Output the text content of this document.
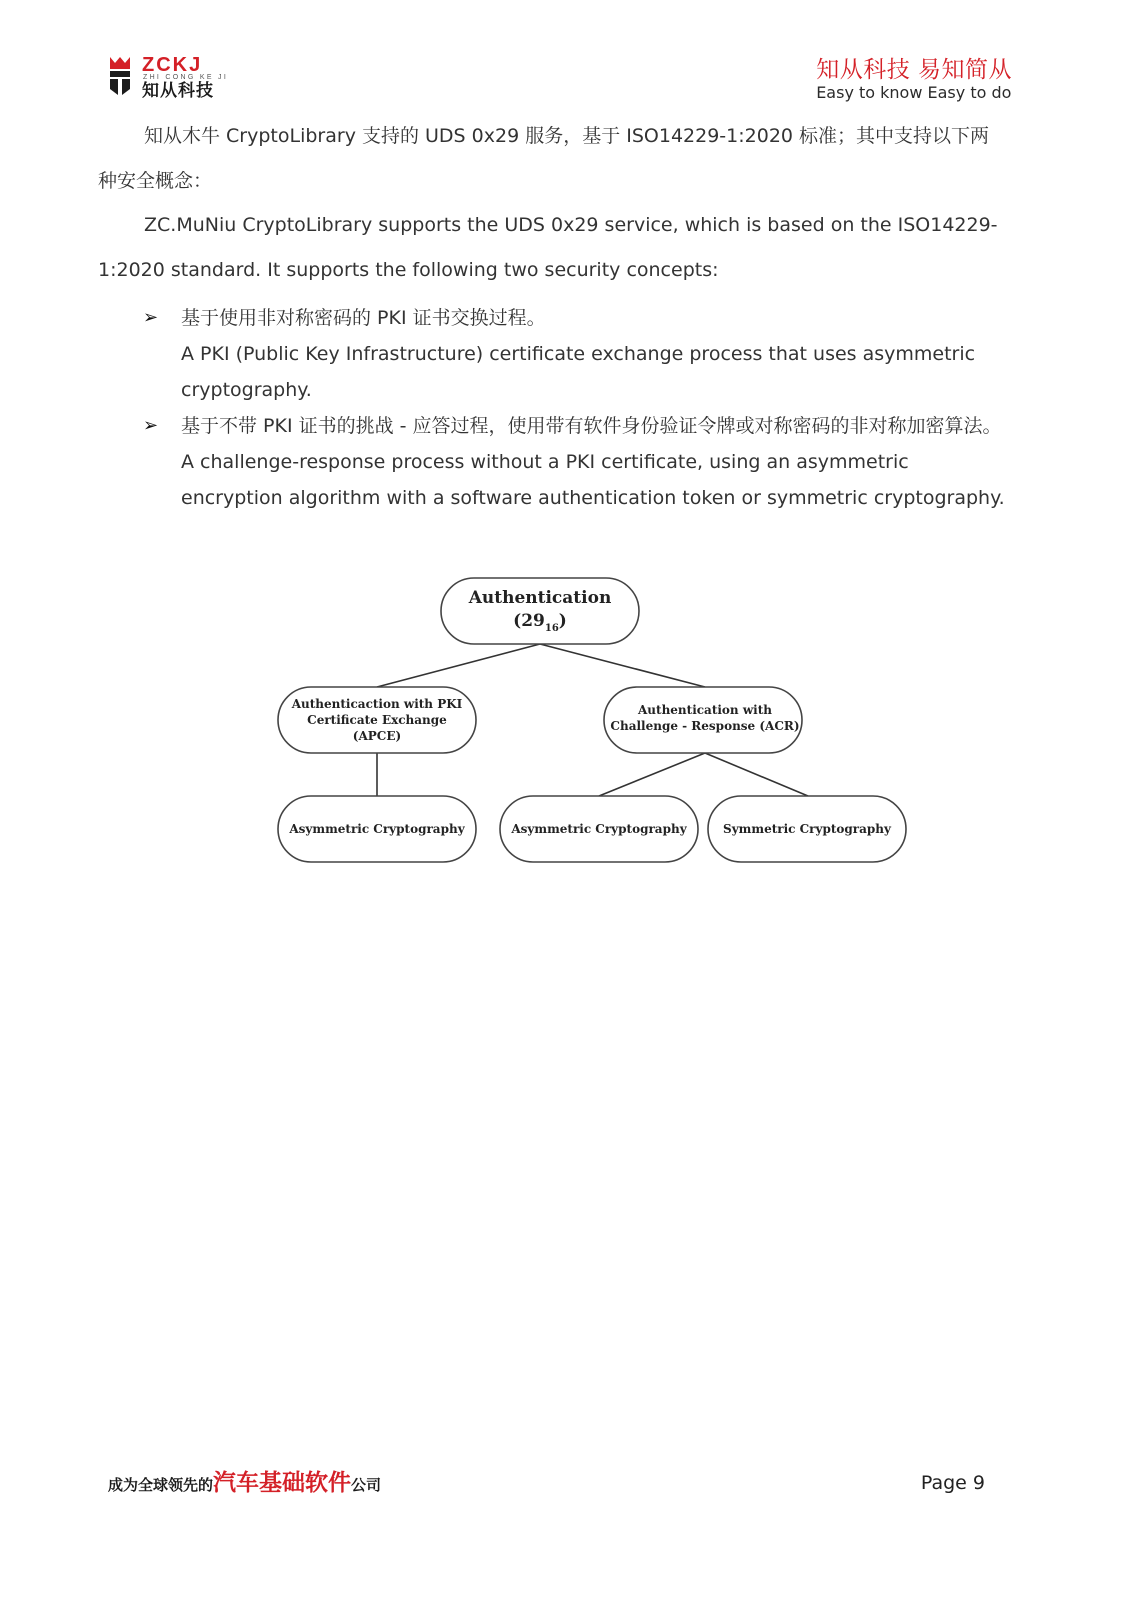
ZCKJ
ZHI CONG KE JI
知从科技
知从科技 易知简从
Easy to know Easy to do

知从木牛 CryptoLibrary 支持的 UDS 0x29 服务，基于 ISO14229-1:2020 标准；其中支持以下两种安全概念：

ZC.MuNiu CryptoLibrary supports the UDS 0x29 service, which is based on the ISO14229-1:2020 standard. It supports the following two security concepts:

➢ 基于使用非对称密码的 PKI 证书交换过程。

A PKI (Public Key Infrastructure) certificate exchange process that uses asymmetric cryptography.

➢ 基于不带 PKI 证书的挑战 - 应答过程，使用带有软件身份验证令牌或对称密码的非对称加密算法。

A challenge-response process without a PKI certificate, using an asymmetric encryption algorithm with a software authentication token or symmetric cryptography.

Authentication
$(29_{16})$
Authenticaction with PKI
Certificate Exchange
(APCE)
Authentication with
Challenge - Response (ACR)
Asymmetric Cryptography	Asymmetric Cryptography	Symmetric Cryptography
成为全球领先的汽车基础软件公司	Page 9
